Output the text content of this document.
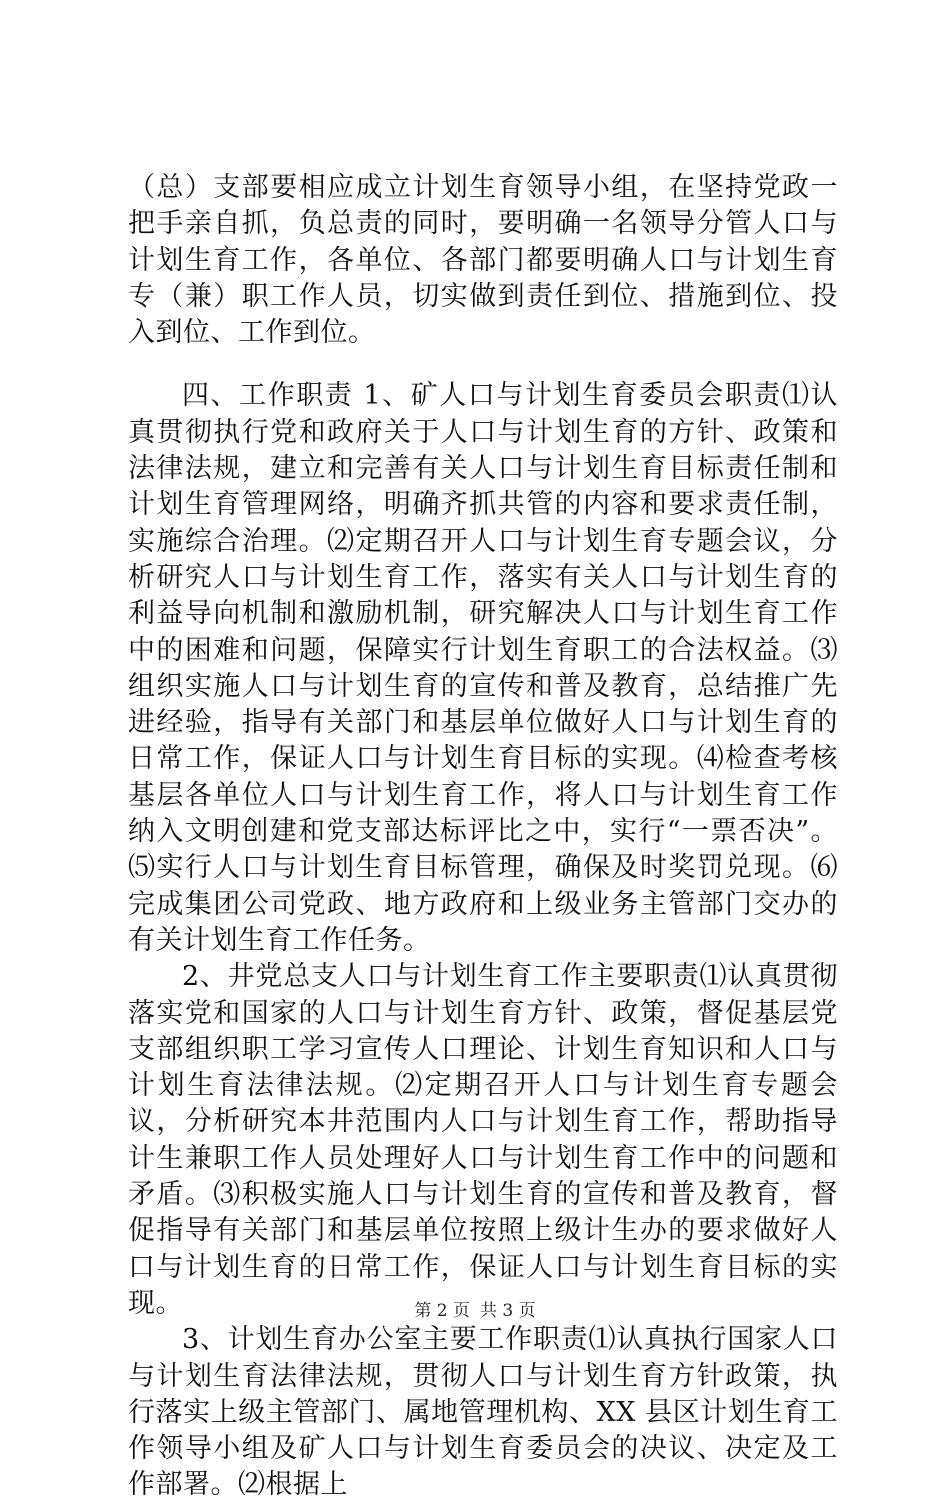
（总）支部要相应成立计划生育领导小组，在坚持党政一把手亲自抓，负总责的同时，要明确一名领导分管人口与计划生育工作，各单位、各部门都要明确人口与计划生育专（兼）职工作人员，切实做到责任到位、措施到位、投入到位、工作到位。

四、工作职责 1、矿人口与计划生育委员会职责⑴认真贯彻执行党和政府关于人口与计划生育的方针、政策和法律法规，建立和完善有关人口与计划生育目标责任制和计划生育管理网络，明确齐抓共管的内容和要求责任制，实施综合治理。⑵定期召开人口与计划生育专题会议，分析研究人口与计划生育工作，落实有关人口与计划生育的利益导向机制和激励机制，研究解决人口与计划生育工作中的困难和问题，保障实行计划生育职工的合法权益。⑶组织实施人口与计划生育的宣传和普及教育，总结推广先进经验，指导有关部门和基层单位做好人口与计划生育的日常工作，保证人口与计划生育目标的实现。⑷检查考核基层各单位人口与计划生育工作，将人口与计划生育工作纳入文明创建和党支部达标评比之中，实行“一票否决”。⑸实行人口与计划生育目标管理，确保及时奖罚兑现。⑹完成集团公司党政、地方政府和上级业务主管部门交办的有关计划生育工作任务。

2、井党总支人口与计划生育工作主要职责⑴认真贯彻落实党和国家的人口与计划生育方针、政策，督促基层党支部组织职工学习宣传人口理论、计划生育知识和人口与计划生育法律法规。⑵定期召开人口与计划生育专题会议，分析研究本井范围内人口与计划生育工作，帮助指导计生兼职工作人员处理好人口与计划生育工作中的问题和矛盾。⑶积极实施人口与计划生育的宣传和普及教育，督促指导有关部门和基层单位按照上级计生办的要求做好人口与计划生育的日常工作，保证人口与计划生育目标的实现。

3、计划生育办公室主要工作职责⑴认真执行国家人口与计划生育法律法规，贯彻人口与计划生育方针政策，执行落实上级主管部门、属地管理机构、XX 县区计划生育工作领导小组及矿人口与计划生育委员会的决议、决定及工作部署。⑵根据上

第 2 页 共 3 页
